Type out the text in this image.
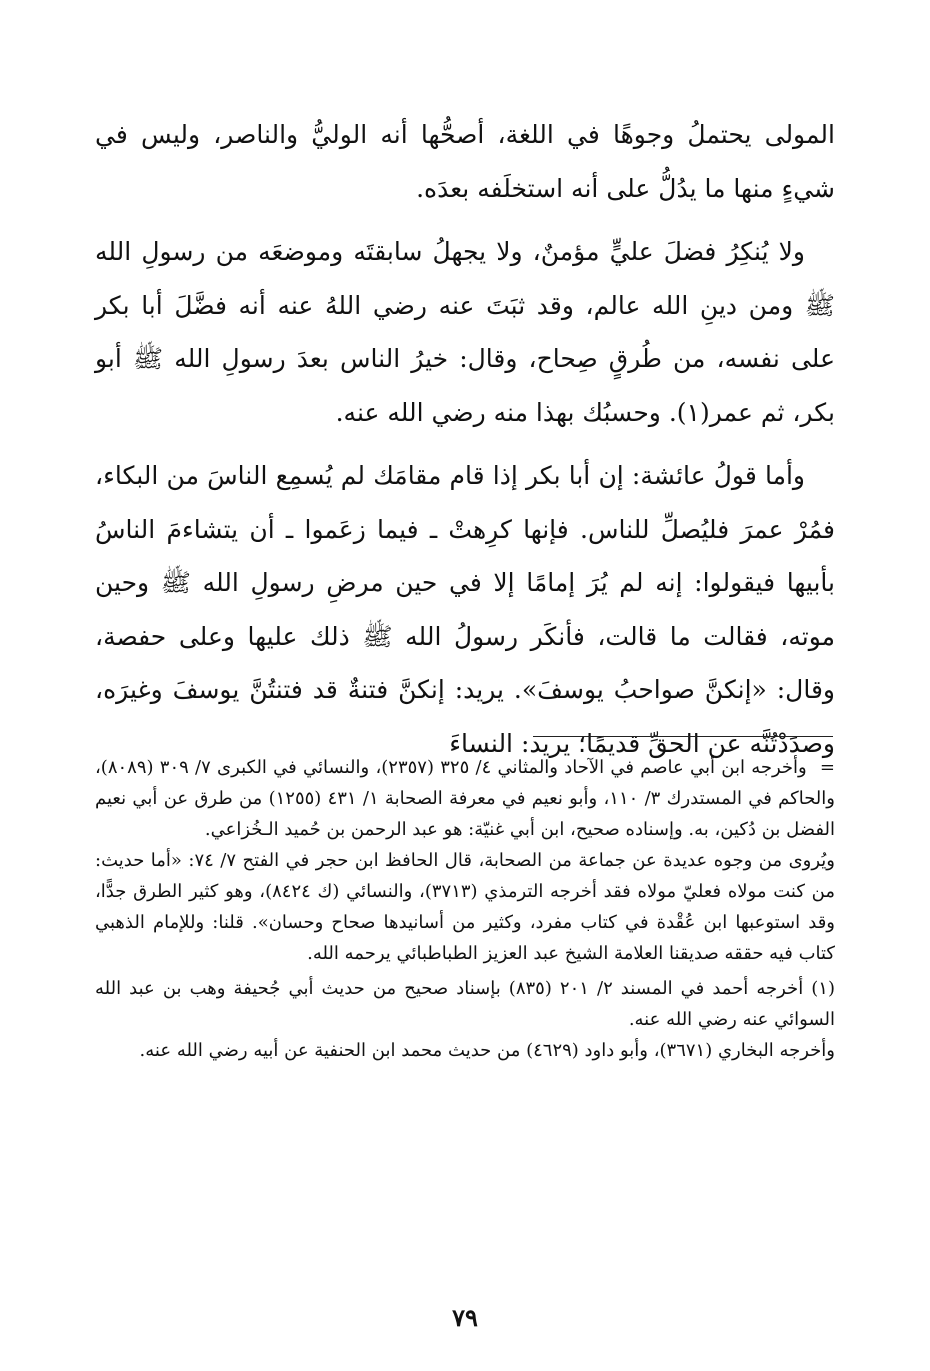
المولى يحتملُ وجوهًا في اللغة، أصحُّها أنه الوليُّ والناصر، وليس في شيءٍ منها ما يدُلُّ على أنه استخلَفه بعدَه.

ولا يُنكِرُ فضلَ عليٍّ مؤمنٌ، ولا يجهلُ سابقتَه وموضعَه من رسولِ الله ﷺ ومن دينِ الله عالم، وقد ثبَتَ عنه رضي اللهُ عنه أنه فضَّلَ أبا بكر على نفسه، من طُرقٍ صِحاح، وقال: خيرُ الناس بعدَ رسولِ الله ﷺ أبو بكر، ثم عمر(١). وحسبُك بهذا منه رضي الله عنه.

وأما قولُ عائشة: إن أبا بكر إذا قام مقامَك لم يُسمِع الناسَ من البكاء، فمُرْ عمرَ فليُصلِّ للناس. فإنها كرِهتْ ـ فيما زعَموا ـ أن يتشاءمَ الناسُ بأبيها فيقولوا: إنه لم يُرَ إمامًا إلا في حين مرضِ رسولِ الله ﷺ وحين موته، فقالت ما قالت، فأنكَر رسولُ الله ﷺ ذلك عليها وعلى حفصة، وقال: «إنكنَّ صواحبُ يوسفَ». يريد: إنكنَّ فتنةٌ قد فتنتُنَّ يوسفَ وغيرَه، وصدَدْتُنَّه عن الحقِّ قديمًا؛ يريد: النساءَ

= وأخرجه ابن أبي عاصم في الآحاد والمثاني ٤/ ٣٢٥ (٢٣٥٧)، والنسائي في الكبرى ٧/ ٣٠٩ (٨٠٨٩)، والحاكم في المستدرك ٣/ ١١٠، وأبو نعيم في معرفة الصحابة ١/ ٤٣١ (١٢٥٥) من طرق عن أبي نعيم الفضل بن دُكين، به. وإسناده صحيح، ابن أبي غنيّة: هو عبد الرحمن بن حُميد الـخُزاعي.

ويُروى من وجوه عديدة عن جماعة من الصحابة، قال الحافظ ابن حجر في الفتح ٧/ ٧٤: «أما حديث: من كنت مولاه فعليّ مولاه فقد أخرجه الترمذي (٣٧١٣)، والنسائي (ك ٨٤٢٤)، وهو كثير الطرق جدًّا، وقد استوعبها ابن عُقْدة في كتاب مفرد، وكثير من أسانيدها صحاح وحسان». قلنا: وللإمام الذهبي كتاب فيه حققه صديقنا العلامة الشيخ عبد العزيز الطباطبائي يرحمه الله.

(١) أخرجه أحمد في المسند ٢/ ٢٠١ (٨٣٥) بإسناد صحيح من حديث أبي جُحيفة وهب بن عبد الله السوائي عنه رضي الله عنه.

وأخرجه البخاري (٣٦٧١)، وأبو داود (٤٦٢٩) من حديث محمد ابن الحنفية عن أبيه رضي الله عنه.

٧٩
